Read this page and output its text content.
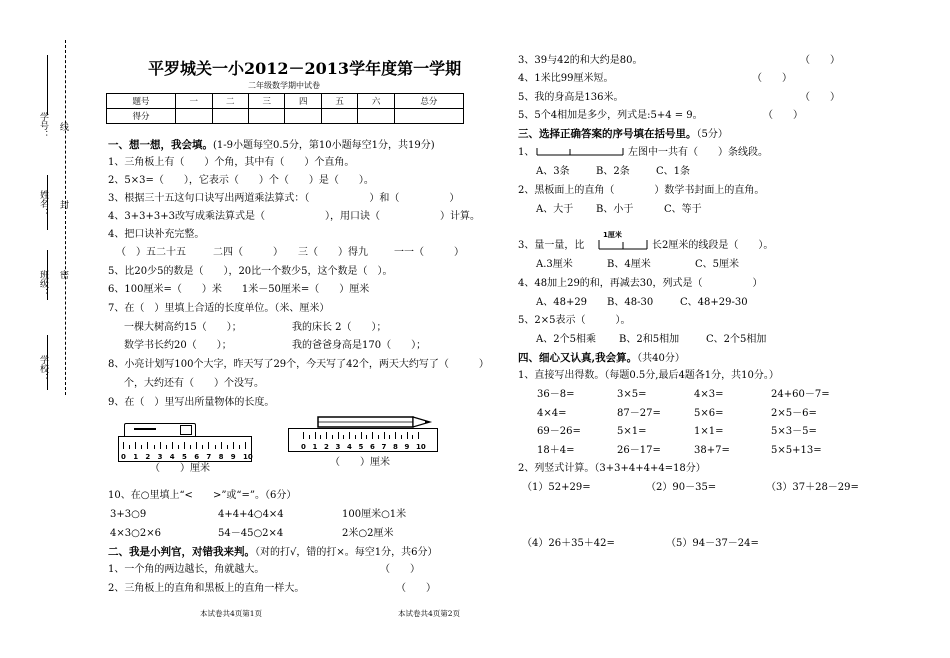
学校：
班级：
姓名：
学号：
密
封
线
平罗城关一小2012－2013学年度第一学期
二年级数学期中试卷
题号	一	二	三	四	五	六	总分
得分							
一、想一想，我会填。(1-9小题每空0.5分，第10小题每空1分，共19分)
1、三角板上有（　　）个角，其中有（　　）个直角。
2、5×3=（　　），它表示（　　）个（　　）是（　　）。
3、根据三十五这句口诀写出两道乘法算式：（　　　　　　）和（　　　　　）
4、3+3+3+3改写成乘法算式是（　　　　　　），用口诀（　　　　　　）计算。
4、把口诀补充完整。
（　）五二十五	二四（　　　） 三（　　）得九	一一（　　　）
5、比20少5的数是（　　），20比一个数少5，这个数是（　）。
6、100厘米=（　　）米　　1米－50厘米=（　　）厘米
7、在（　）里填上合适的长度单位。（米、厘米）
一棵大树高约15（　　）；	我的床长 2（　　）；
数学书长约20（　　）；	我的爸爸身高是170（　　）；
8、小亮计划写100个大字，昨天写了29个，今天写了42个，两天大约写了（　　　）
个，大约还有（　　）个没写。
9、在（　）里写出所量物体的长度。
0 1 2 3 4 5 6 7 8 9 10
（　　）厘米
0 1 2 3 4 5 6 7 8 9 10
（　　）厘米
10、在○里填上“<　　>”或“=”。（6分）
3+3○9	4+4+4○4×4	100厘米○1米
4×3○2×6	54－45○2×4	2米○2厘米
二、我是小判官，对错我来判。（对的打√，错的打×。每空1分，共6分）
1、一个角的两边越长，角就越大。	（　　）
2、三角板上的直角和黑板上的直角一样大。	（　　）
本试卷共4页第1页	本试卷共4页第2页
3、39与42的和大约是80。	（　　）
4、1米比99厘米短。	（　　）
5、我的身高是136米。	（　　）
5、5个4相加是多少，列式是:5+4 = 9。	（　　）
三、选择正确答案的序号填在括号里。（5分）
1、	左图中一共有（　　）条线段。
A、3条	B、2条	C、1条
2、黑板面上的直角（　　　　）数学书封面上的直角。
A、大于 B、小于	C、等于
3、量一量，比
1厘米
长2厘米的线段是（　　）。
A.3厘米	B、4厘米	C、5厘米
4、48加上29的和，再减去30，列式是（　　　　　）
A、48+29 B、48-30	C、48+29-30
5、2×5表示（　　　）。
A、2个5相乘 B、2和5相加	C、2个5相加
四、细心又认真,我会算。（共40分）
1、直接写出得数。（每题0.5分,最后4题各1分，共10分。）
36－8=	3×5=	4×3=	24+60－7=
4×4=	87－27=	5×6=	2×5－6=
69－26=	5×1=	1×1=	5×3－5=
18＋4=	26－17=	38+7=	5×5+13=
2、列竖式计算。（3+3+4+4+4=18分）
（1）52+29=	（2）90－35=	（3）37＋28－29=
（4）26＋35＋42=	（5）94－37－24=
